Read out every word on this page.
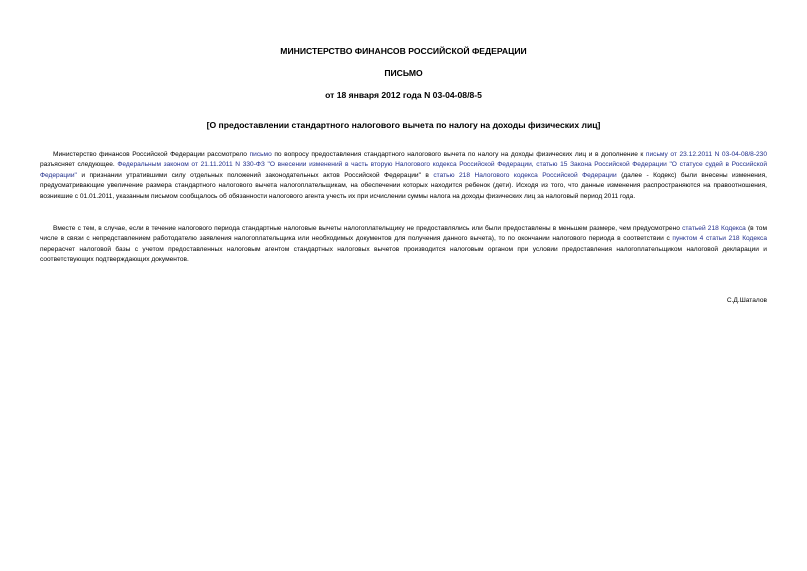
МИНИСТЕРСТВО ФИНАНСОВ РОССИЙСКОЙ ФЕДЕРАЦИИ
ПИСЬМО
от 18 января 2012 года N 03-04-08/8-5
[О предоставлении стандартного налогового вычета по налогу на доходы физических лиц]

Министерство финансов Российской Федерации рассмотрело письмо по вопросу предоставления стандартного налогового вычета по налогу на доходы физических лиц и в дополнение к письму от 23.12.2011 N 03-04-08/8-230 разъясняет следующее. Федеральным законом от 21.11.2011 N 330-ФЗ "О внесении изменений в часть вторую Налогового кодекса Российской Федерации, статью 15 Закона Российской Федерации "О статусе судей в Российской Федерации" и признании утратившими силу отдельных положений законодательных актов Российской Федерации" в статью 218 Налогового кодекса Российской Федерации (далее - Кодекс) были внесены изменения, предусматривающие увеличение размера стандартного налогового вычета налогоплательщикам, на обеспечении которых находится ребенок (дети). Исходя из того, что данные изменения распространяются на правоотношения, возникшие с 01.01.2011, указанным письмом сообщалось об обязанности налогового агента учесть их при исчислении суммы налога на доходы физических лиц за налоговый период 2011 года.

Вместе с тем, в случае, если в течение налогового периода стандартные налоговые вычеты налогоплательщику не предоставлялись или были предоставлены в меньшем размере, чем предусмотрено статьей 218 Кодекса (в том числе в связи с непредставлением работодателю заявления налогоплательщика или необходимых документов для получения данного вычета), то по окончании налогового периода в соответствии с пунктом 4 статьи 218 Кодекса перерасчет налоговой базы с учетом предоставленных налоговым агентом стандартных налоговых вычетов производится налоговым органом при условии предоставления налогоплательщиком налоговой декларации и соответствующих подтверждающих документов.

С.Д.Шаталов
